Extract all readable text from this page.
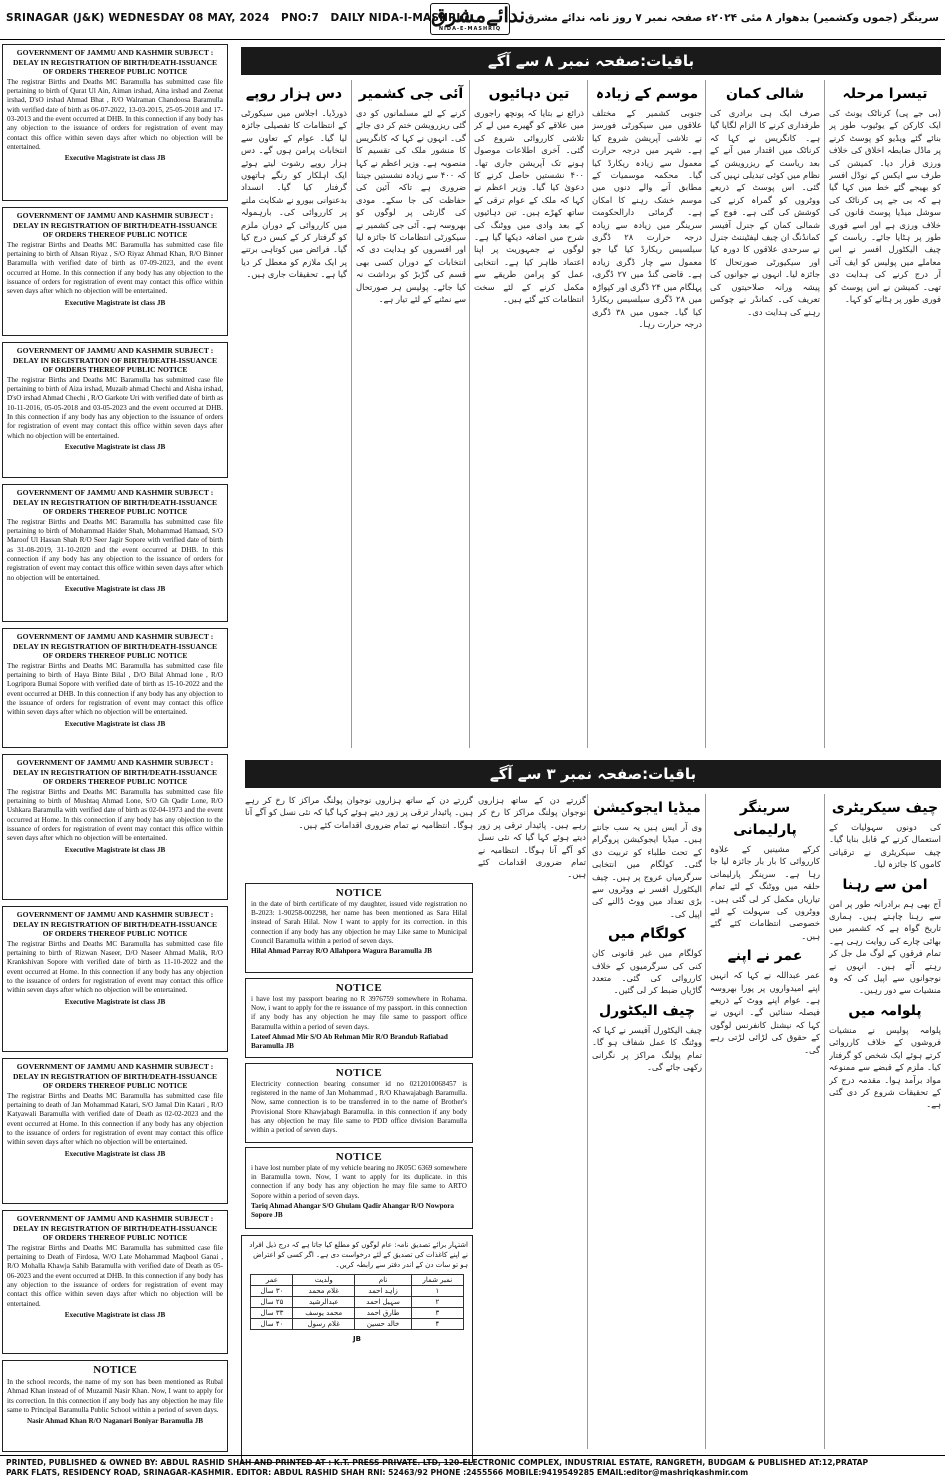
SRINAGAR (J&K) WEDNESDAY 08 MAY, 2024 PNO:7 DAILY NIDA-I-MASHRIQ
ندائےمشرق
NIDA-E-MASHRIQ
سرینگر (جموں وکشمیر) بدھوار ۸ مئی ۲۰۲۴ء صفحہ نمبر ۷ روز نامہ ندائے مشرق
GOVERNMENT OF JAMMU AND KASHMIR SUBJECT : DELAY IN REGISTRATION OF BIRTH/DEATH-ISSUANCE OF ORDERS THEREOF PUBLIC NOTICE
The registrar Births and Deaths MC Baramulla has submitted case file pertaining to birth of Qurat Ul Ain, Aiman irshad, Aina irshad and Zeenat irshad, D'sO irshad Ahmad Bhat , R/O Walraman Chandoosa Baramulla with verified date of birth as 06-07-2022, 13-03-2015, 25-05-2018 and 17-03-2013 and the event occurred at DHB. In this connection if any body has any objection to the issuance of orders for registration of event may contact this office within seven days after which no objection will be entertained.
Executive Magistrate ist class JB
GOVERNMENT OF JAMMU AND KASHMIR SUBJECT : DELAY IN REGISTRATION OF BIRTH/DEATH-ISSUANCE OF ORDERS THEREOF PUBLIC NOTICE
The registrar Births and Deaths MC Baramulla has submitted case file pertaining to birth of Ahsan Riyaz , S/O Riyaz Ahmad Khan, R/O Binner Baramulla with verified date of birth as 07-09-2023, and the event occurred at Home. In this connection if any body has any objection to the issuance of orders for registration of event may contact this office within seven days after which no objection will be entertained.
Executive Magistrate ist class JB
GOVERNMENT OF JAMMU AND KASHMIR SUBJECT : DELAY IN REGISTRATION OF BIRTH/DEATH-ISSUANCE OF ORDERS THEREOF PUBLIC NOTICE
The registrar Births and Deaths MC Baramulla has submitted case file pertaining to birth of Aiza irshad, Muzaib ahmad Chechi and Aisha irshad, D'sO irshad Ahmad Chechi , R/O Garkote Uri with verified date of birth as 10-11-2016, 05-05-2018 and 03-05-2023 and the event occurred at DHB. In this connection if any body has any objection to the issuance of orders for registration of event may contact this office within seven days after which no objection will be entertained.
Executive Magistrate ist class JB
GOVERNMENT OF JAMMU AND KASHMIR SUBJECT : DELAY IN REGISTRATION OF BIRTH/DEATH-ISSUANCE OF ORDERS THEREOF PUBLIC NOTICE
The registrar Births and Deaths MC Baramulla has submitted case file pertaining to birth of Mohammad Haider Shah, Mohammad Hamaad, S/O Maroof Ul Hassan Shah R/O Seer Jagir Sopore with verified date of birth as 31-08-2019, 31-10-2020 and the event occurred at DHB. In this connection if any body has any objection to the issuance of orders for registration of event may contact this office within seven days after which no objection will be entertained.
Executive Magistrate ist class JB
GOVERNMENT OF JAMMU AND KASHMIR SUBJECT : DELAY IN REGISTRATION OF BIRTH/DEATH-ISSUANCE OF ORDERS THEREOF PUBLIC NOTICE
The registrar Births and Deaths MC Baramulla has submitted case file pertaining to birth of Haya Binte Bilal , D/O Bilal Ahmad lone , R/O Logripora Bumai Sopore with verified date of birth as 15-10-2022 and the event occurred at DHB. In this connection if any body has any objection to the issuance of orders for registration of event may contact this office within seven days after which no objection will be entertained.
Executive Magistrate ist class JB
GOVERNMENT OF JAMMU AND KASHMIR SUBJECT : DELAY IN REGISTRATION OF BIRTH/DEATH-ISSUANCE OF ORDERS THEREOF PUBLIC NOTICE
The registrar Births and Deaths MC Baramulla has submitted case file pertaining to birth of Mushtaq Ahmad Lone, S/O Gh Qadir Lone, R/O Ushkara Baramulla with verified date of birth as 02-04-1973 and the event occurred at Home. In this connection if any body has any objection to the issuance of orders for registration of event may contact this office within seven days after which no objection will be entertained.
Executive Magistrate ist class JB
GOVERNMENT OF JAMMU AND KASHMIR SUBJECT : DELAY IN REGISTRATION OF BIRTH/DEATH-ISSUANCE OF ORDERS THEREOF PUBLIC NOTICE
The registrar Births and Deaths MC Baramulla has submitted case file pertaining to birth of Rizwan Naseer, D/O Naseer Ahmad Malik, R/O Krankshivan Sopore with verified date of birth as 11-10-2022 and the event occurred at Home. In this connection if any body has any objection to the issuance of orders for registration of event may contact this office within seven days after which no objection will be entertained.
Executive Magistrate ist class JB
GOVERNMENT OF JAMMU AND KASHMIR SUBJECT : DELAY IN REGISTRATION OF BIRTH/DEATH-ISSUANCE OF ORDERS THEREOF PUBLIC NOTICE
The registrar Births and Deaths MC Baramulla has submitted case file pertaining to death of Jan Mohammad Katari, S/O Jamal Din Katari , R/O Katyawali Baramulla with verified date of Death as 02-02-2023 and the event occurred at Home. In this connection if any body has any objection to the issuance of orders for registration of event may contact this office within seven days after which no objection will be entertained.
Executive Magistrate ist class JB
GOVERNMENT OF JAMMU AND KASHMIR SUBJECT : DELAY IN REGISTRATION OF BIRTH/DEATH-ISSUANCE OF ORDERS THEREOF PUBLIC NOTICE
The registrar Births and Deaths MC Baramulla has submitted case file pertaining to Death of Firdosa, W/O Late Mohammad Maqbool Ganai , R/O Mohalla Khawja Sahib Baramulla with verified date of Death as 05-06-2023 and the event occurred at DHB. In this connection if any body has any objection to the issuance of orders for registration of event may contact this office within seven days after which no objection will be entertained.
Executive Magistrate ist class JB
NOTICE
In the school records, the name of my son has been mentioned as Rubal Ahmad Khan instead of of Muzamil Nasir Khan. Now, I want to apply for its correction. In this connection if any body has any objection he may file same to Principal Baramulla Public School within a period of seven days.
Nasir Ahmad Khan R/O Naganari Boniyar Baramulla JB
باقیات:صفحہ نمبر ۸ سے آگے
تیسرا مرحلہ

(بی جے پی) کرناٹک یونٹ کی ایک کارکن کے یوٹیوب طور پر بنائے گئے ویڈیو کو پوسٹ کرنے پر ماڈل ضابطہ اخلاق کی خلاف ورزی قرار دیا۔ کمیشن کی طرف سے ایکس کے نوڈل افسر کو بھیجے گئے خط میں کہا گیا ہے کہ بی جے پی کرناٹک کی سوشل میڈیا پوسٹ قانون کی خلاف ورزی ہے اور اسے فوری طور پر ہٹایا جائے۔ ریاست کے چیف الیکٹورل افسر نے اس معاملے میں پولیس کو ایف آئی آر درج کرنے کی ہدایت دی تھی۔ کمیشن نے اس پوسٹ کو فوری طور پر ہٹانے کو کہا۔

شالی کمان

صرف ایک ہی برادری کی طرفداری کرنے کا الزام لگایا گیا ہے۔ کانگریس نے کہا کہ کرناٹک میں اقتدار میں آنے کے بعد ریاست کے ریزرویشن کے نظام میں کوئی تبدیلی نہیں کی گئی۔ اس پوسٹ کے ذریعے ووٹروں کو گمراہ کرنے کی کوشش کی گئی ہے۔ فوج کے شمالی کمان کے جنرل آفیسر کمانڈنگ ان چیف لیفٹیننٹ جنرل نے سرحدی علاقوں کا دورہ کیا اور سیکیورٹی صورتحال کا جائزہ لیا۔ انہوں نے جوانوں کی پیشہ ورانہ صلاحیتوں کی تعریف کی۔ کمانڈر نے چوکس رہنے کی ہدایت دی۔

موسم کے زیادہ

جنوبی کشمیر کے مختلف علاقوں میں سیکورٹی فورسز نے تلاشی آپریشن شروع کیا ہے۔ شہر میں درجہ حرارت معمول سے زیادہ ریکارڈ کیا گیا۔ محکمہ موسمیات کے مطابق آنے والے دنوں میں موسم خشک رہنے کا امکان ہے۔ گرمائی دارالحکومت سرینگر میں زیادہ سے زیادہ درجہ حرارت ۲۸ ڈگری سیلسیس ریکارڈ کیا گیا جو معمول سے چار ڈگری زیادہ ہے۔ قاضی گنڈ میں ۲۷ ڈگری، پہلگام میں ۲۴ ڈگری اور کپواڑہ میں ۲۸ ڈگری سیلسیس ریکارڈ کیا گیا۔ جموں میں ۳۸ ڈگری درجہ حرارت رہا۔

تین دہائیوں

ذرائع نے بتایا کہ پونچھ راجوری میں علاقے کو گھیرے میں لے کر تلاشی کارروائی شروع کی گئی۔ آخری اطلاعات موصول ہونے تک آپریشن جاری تھا۔ ۴۰۰ نشستیں حاصل کرنے کا دعویٰ کیا گیا۔ وزیر اعظم نے کہا کہ ملک کے عوام ترقی کے ساتھ کھڑے ہیں۔ تین دہائیوں کے بعد وادی میں ووٹنگ کی شرح میں اضافہ دیکھا گیا ہے۔ لوگوں نے جمہوریت پر اپنا اعتماد ظاہر کیا ہے۔ انتخابی عمل کو پرامن طریقے سے مکمل کرنے کے لئے سخت انتظامات کئے گئے ہیں۔

آئی جی کشمیر

کرنے کے لئے مسلمانوں کو دی گئی ریزرویشن ختم کر دی جائے گی۔ انہوں نے کہا کہ کانگریس کا منشور ملک کی تقسیم کا منصوبہ ہے۔ وزیر اعظم نے کہا کہ ۴۰۰ سے زیادہ نشستیں جیتنا ضروری ہے تاکہ آئین کی حفاظت کی جا سکے۔ مودی کی گارنٹی پر لوگوں کو بھروسہ ہے۔ آئی جی کشمیر نے سیکورٹی انتظامات کا جائزہ لیا اور افسروں کو ہدایت دی کہ انتخابات کے دوران کسی بھی قسم کی گڑبڑ کو برداشت نہ کیا جائے۔ پولیس ہر صورتحال سے نمٹنے کے لئے تیار ہے۔

دس ہزار روپے

ذورڈیا۔ اجلاس میں سیکورٹی کے انتظامات کا تفصیلی جائزہ لیا گیا۔ عوام کے تعاون سے انتخابات پرامن ہوں گے۔ دس ہزار روپے رشوت لیتے ہوئے ایک اہلکار کو رنگے ہاتھوں گرفتار کیا گیا۔ انسداد بدعنوانی بیورو نے شکایت ملنے پر کارروائی کی۔ بارہمولہ میں کارروائی کے دوران ملزم کو گرفتار کر کے کیس درج کیا گیا۔ فرائض میں کوتاہی برتنے پر ایک ملازم کو معطل کر دیا گیا ہے۔ تحقیقات جاری ہیں۔

باقیات:صفحہ نمبر ۳ سے آگے
چیف سیکریٹری

کی دونوں سہولیات کے استعمال کرنے کے قابل بنایا گیا۔ چیف سیکریٹری نے ترقیاتی کاموں کا جائزہ لیا۔

امن سے رہنا

آج بھی ہم برادرانہ طور پر امن سے رہنا چاہتے ہیں۔ ہماری تاریخ گواہ ہے کہ کشمیر میں بھائی چارے کی روایت رہی ہے۔ تمام فرقوں کے لوگ مل جل کر رہتے آئے ہیں۔ انہوں نے نوجوانوں سے اپیل کی کہ وہ منشیات سے دور رہیں۔

پلوامہ میں

پلوامہ پولیس نے منشیات فروشوں کے خلاف کارروائی کرتے ہوئے ایک شخص کو گرفتار کیا۔ ملزم کے قبضے سے ممنوعہ مواد برآمد ہوا۔ مقدمہ درج کر کے تحقیقات شروع کر دی گئی ہے۔

سرینگر پارلیمانی

کرکے مشینیں کے علاوہ کارروائی کا بار بار جائزہ لیا جا رہا ہے۔ سرینگر پارلیمانی حلقہ میں ووٹنگ کے لئے تمام تیاریاں مکمل کر لی گئی ہیں۔ ووٹروں کی سہولت کے لئے خصوصی انتظامات کئے گئے ہیں۔

عمر نے اپنے

عمر عبداللہ نے کہا کہ انہیں اپنے امیدواروں پر پورا بھروسہ ہے۔ عوام اپنے ووٹ کے ذریعے فیصلہ سنائیں گے۔ انہوں نے کہا کہ نیشنل کانفرنس لوگوں کے حقوق کی لڑائی لڑتی رہے گی۔

میڈیا ایجوکیشن

وی آر ایس ہیں یہ سب جانتے ہیں۔ میڈیا ایجوکیشن پروگرام کے تحت طلباء کو تربیت دی گئی۔ کولگام میں انتخابی سرگرمیاں عروج پر ہیں۔ چیف الیکٹورل افسر نے ووٹروں سے بڑی تعداد میں ووٹ ڈالنے کی اپیل کی۔

کولگام میں

کولگام میں غیر قانونی کان کنی کی سرگرمیوں کے خلاف کارروائی کی گئی۔ متعدد گاڑیاں ضبط کر لی گئیں۔

چیف الیکٹورل

چیف الیکٹورل آفیسر نے کہا کہ ووٹنگ کا عمل شفاف ہو گا۔ تمام پولنگ مراکز پر نگرانی رکھی جائے گی۔

گزرتے دن کے ساتھ ہزاروں نوجوان پولنگ مراکز کا رخ کر رہے ہیں۔ پائیدار ترقی پر زور دیتے ہوئے کہا گیا کہ نئی نسل کو آگے آنا ہوگا۔ انتظامیہ نے تمام ضروری اقدامات کئے ہیں۔

گزرتے دن کے ساتھ ہزاروں نوجوان پولنگ مراکز کا رخ کر رہے ہیں۔ پائیدار ترقی پر زور دیتے ہوئے کہا گیا کہ نئی نسل کو آگے آنا ہوگا۔ انتظامیہ نے تمام ضروری اقدامات کئے ہیں۔

NOTICE
in the date of birth certificate of my daughter, issued vide registration no B-2023: 1-90258-002298, her name has been mentioned as Sara Hilal instead of Sarah Hilal. Now I want to apply for its correction. in this connection if any body has any objection he may Like same to Municipal Council Baramulla within a period of seven days.
Hilal Ahmad Parray R/O Allahpora Wagura Baramulla JB
NOTICE
i have lost my passport bearing no R 3976759 somewhere in Rohama. Now, i want to apply for the re issuance of my passport. in this connection if any body has any objection he may file same to passport office Baramulla within a period of seven days.
Lateef Ahmad Mir S/O Ab Rehman Mir R/O Brandub Rafiabad Baramulla JB
NOTICE
Electricity connection bearing consumer id no 0212010068457 is registered in the name of Jan Mohammad , R/O Khawajabagh Baramulla. Now, same connection is to be transferred in to the name of Brother's Provisional Store Khawjabagh Baramulla. in this connection if any body has any objection he may file same to PDD office division Baramulla within a period of seven days.
NOTICE
i have lost number plate of my vehicle bearing no JK05C 6369 somewhere in Baramulla town. Now, I want to apply for its duplicate. in this connection if any body has any objection he may file same to ARTO Sopore within a period of seven days.
Tariq Ahmad Ahangar S/O Ghulam Qadir Ahangar R/O Nowpora Sopore JB
اشتہار برائے تصدیق نامہ: عام لوگوں کو مطلع کیا جاتا ہے کہ درج ذیل افراد نے اپنے کاغذات کی تصدیق کے لئے درخواست دی ہے۔ اگر کسی کو اعتراض ہو تو سات دن کے اندر دفتر سے رابطہ کریں۔
نمبر شمار	نام	ولدیت	عمر
۱	زاہد احمد	غلام محمد	۳۰ سال
۲	سہیل احمد	عبدالرشید	۲۵ سال
۳	طارق احمد	محمد یوسف	۳۳ سال
۴	خالد حسین	غلام رسول	۴۰ سال
JB
PRINTED, PUBLISHED & OWNED BY: ABDUL RASHID SHAH AND PRINTED AT : K.T. PRESS PRIVATE. LTD, 120-ELECTRONIC COMPLEX, INDUSTRIAL ESTATE, RANGRETH, BUDGAM & PUBLISHED AT:12,PRATAP
PARK FLATS, RESIDENCY ROAD, SRINAGAR-KASHMIR. EDITOR: ABDUL RASHID SHAH RNI: 52463/92 PHONE :2455566 MOBILE:9419549285 EMAIL:editor@mashriqkashmir.com
